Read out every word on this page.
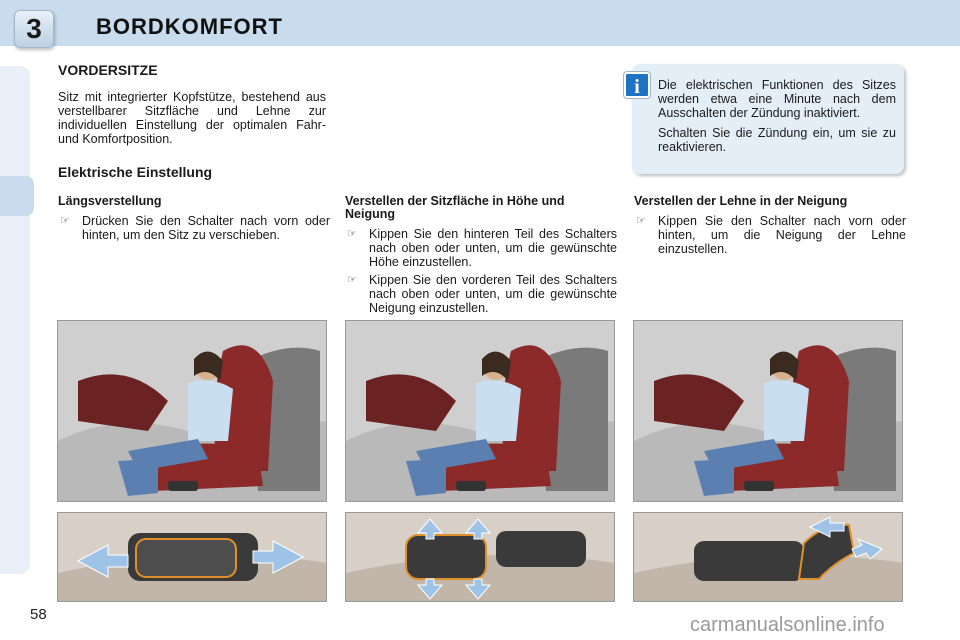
3	BORDKOMFORT
58
VORDERSITZE
Sitz mit integrierter Kopfstütze, bestehend aus verstellbarer Sitzfläche und Lehne zur individuellen Einstellung der optimalen Fahr- und Komfortposition.
Elektrische Einstellung

Die elektrischen Funktionen des Sitzes werden etwa eine Minute nach dem Ausschalten der Zündung inaktiviert.

Schalten Sie die Zündung ein, um sie zu reaktivieren.

i
Längsverstellung
☞ Drücken Sie den Schalter nach vorn oder hinten, um den Sitz zu verschieben.
Verstellen der Sitzfläche in Höhe und Neigung
☞ Kippen Sie den hinteren Teil des Schalters nach oben oder unten, um die gewünschte Höhe einzustellen.
☞ Kippen Sie den vorderen Teil des Schalters nach oben oder unten, um die gewünschte Neigung einzustellen.
Verstellen der Lehne in der Neigung
☞ Kippen Sie den Schalter nach vorn oder hinten, um die Neigung der Lehne einzustellen.
carmanualsonline.info
